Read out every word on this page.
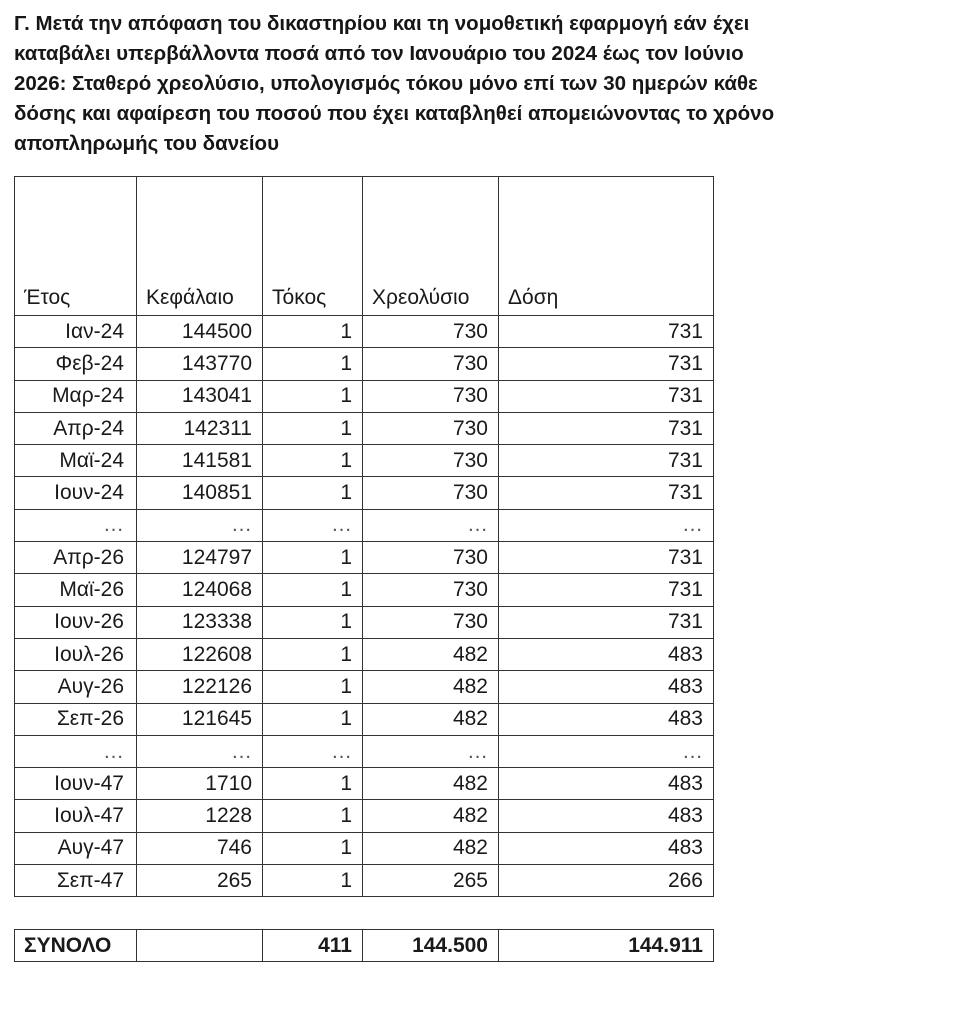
Γ. Μετά την απόφαση του δικαστηρίου και τη νομοθετική εφαρμογή εάν έχει
καταβάλει υπερβάλλοντα ποσά από τον Ιανουάριο του 2024 έως τον Ιούνιο
2026: Σταθερό χρεολύσιο, υπολογισμός τόκου μόνο επί των 30 ημερών κάθε
δόσης και αφαίρεση του ποσού που έχει καταβληθεί απομειώνοντας το χρόνο
αποπληρωμής του δανείου

Έτος	Κεφάλαιο	Τόκος	Χρεολύσιο	Δόση
Ιαν-24	144500	1	730	731
Φεβ-24	143770	1	730	731
Μαρ-24	143041	1	730	731
Απρ-24	142311	1	730	731
Μαϊ-24	141581	1	730	731
Ιουν-24	140851	1	730	731
…	…	…	…	…
Απρ-26	124797	1	730	731
Μαϊ-26	124068	1	730	731
Ιουν-26	123338	1	730	731
Ιουλ-26	122608	1	482	483
Αυγ-26	122126	1	482	483
Σεπ-26	121645	1	482	483
…	…	…	…	…
Ιουν-47	1710	1	482	483
Ιουλ-47	1228	1	482	483
Αυγ-47	746	1	482	483
Σεπ-47	265	1	265	266
ΣΥΝΟΛΟ		411	144.500	144.911
